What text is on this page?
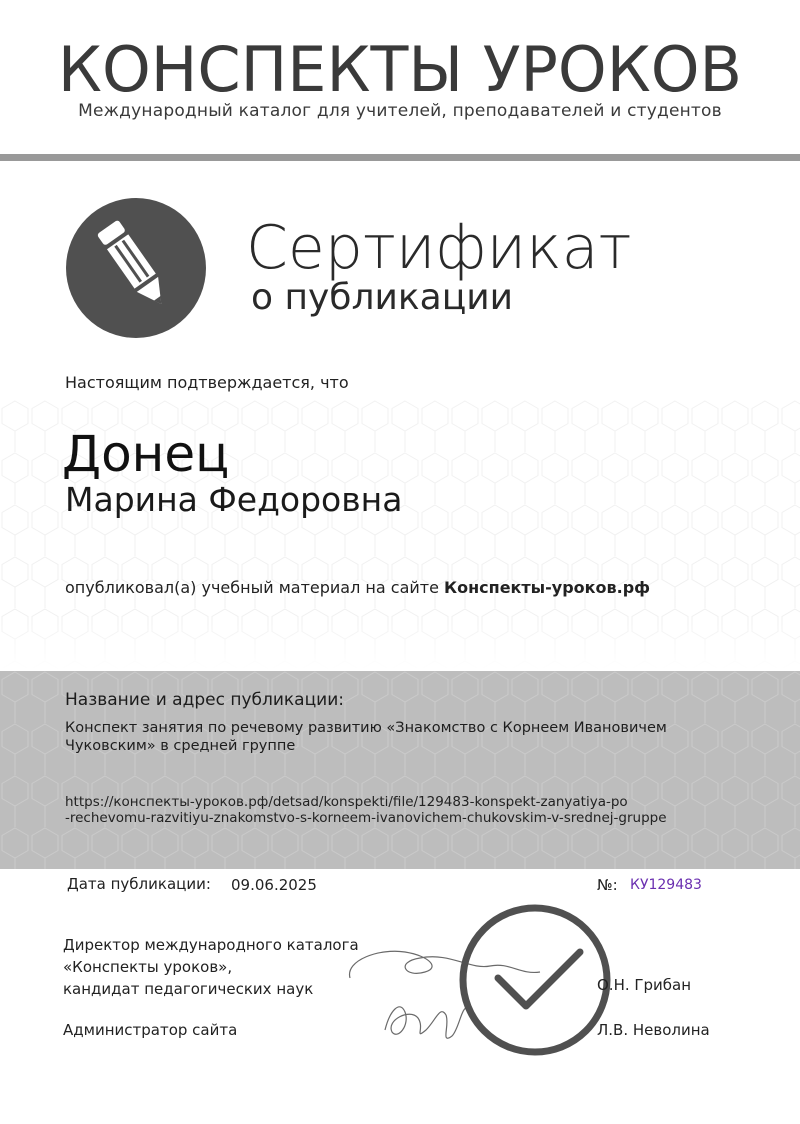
КОНСПЕКТЫ УРОКОВ
Международный каталог для учителей, преподавателей и студентов
Сертификат
о публикации
Настоящим подтверждается, что
Донец
Марина Федоровна
опубликовал(а) учебный материал на сайте Конспекты-уроков.рф
Название и адрес публикации:
Конспект занятия по речевому развитию «Знакомство с Корнеем Ивановичем Чуковским» в средней группе
https://конспекты-уроков.рф/detsad/konspekti/file/129483-konspekt-zanyatiya-po
-rechevomu-razvitiyu-znakomstvo-s-korneem-ivanovichem-chukovskim-v-srednej-gruppe
Дата публикации: 09.06.2025	№: КУ129483
Директор международного каталога
«Конспекты уроков»,
кандидат педагогических наук	О.Н. Грибан
Администратор сайта	Л.В. Неволина
